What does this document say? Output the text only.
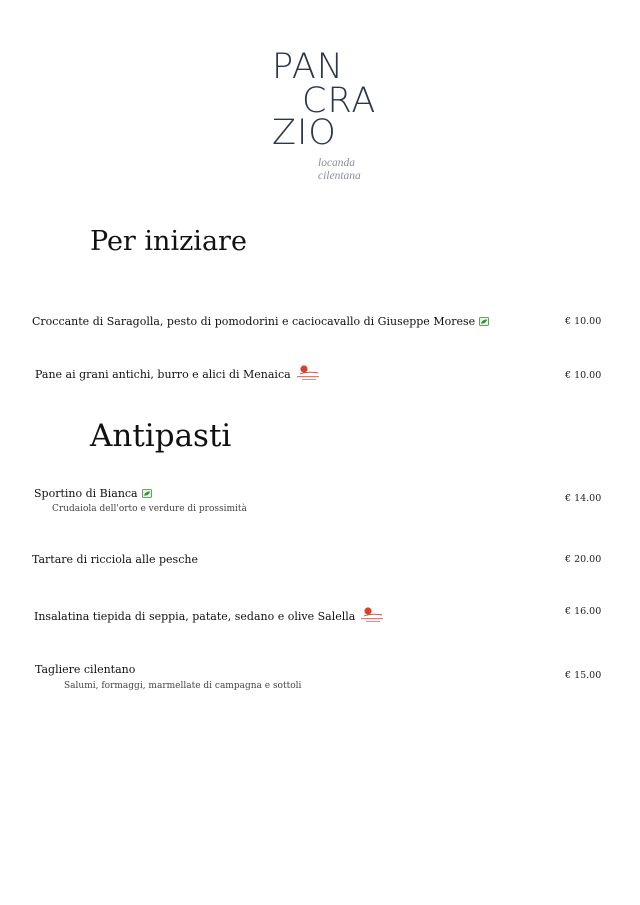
PAN
CRA
ZIO
locanda
cilentana
Per iniziare
Croccante di Saragolla, pesto di pomodorini e caciocavallo di Giuseppe Morese	€ 10.00
Pane ai grani antichi, burro e alici di Menaica	€ 10.00
Antipasti
Sportino di Bianca
Crudaiola dell'orto e verdure di prossimità
€ 14.00
Tartare di ricciola alle pesche	€ 20.00
Insalatina tiepida di seppia, patate, sedano e olive Salella	€ 16.00
Tagliere cilentano
Salumi, formaggi, marmellate di campagna e sottoli
€ 15.00
